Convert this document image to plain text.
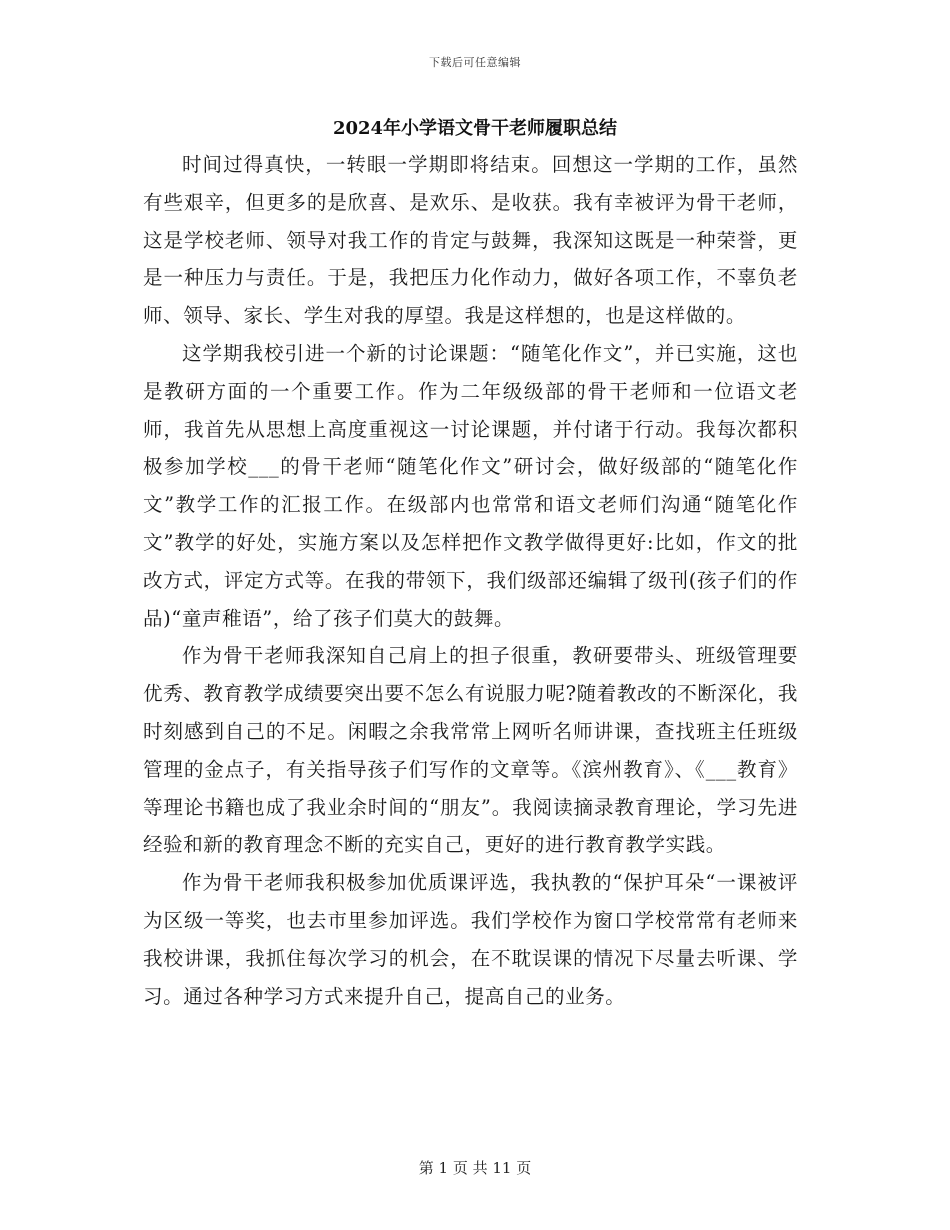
下载后可任意编辑
2024年小学语文骨干老师履职总结

时间过得真快，一转眼一学期即将结束。回想这一学期的工作，虽然有些艰辛，但更多的是欣喜、是欢乐、是收获。我有幸被评为骨干老师，这是学校老师、领导对我工作的肯定与鼓舞，我深知这既是一种荣誉，更是一种压力与责任。于是，我把压力化作动力，做好各项工作，不辜负老师、领导、家长、学生对我的厚望。我是这样想的，也是这样做的。

这学期我校引进一个新的讨论课题：“随笔化作文”，并已实施，这也是教研方面的一个重要工作。作为二年级级部的骨干老师和一位语文老师，我首先从思想上高度重视这一讨论课题，并付诸于行动。我每次都积极参加学校___的骨干老师“随笔化作文”研讨会，做好级部的“随笔化作文”教学工作的汇报工作。在级部内也常常和语文老师们沟通“随笔化作文”教学的好处，实施方案以及怎样把作文教学做得更好:比如，作文的批改方式，评定方式等。在我的带领下，我们级部还编辑了级刊(孩子们的作品)“童声稚语”，给了孩子们莫大的鼓舞。

作为骨干老师我深知自己肩上的担子很重，教研要带头、班级管理要优秀、教育教学成绩要突出要不怎么有说服力呢?随着教改的不断深化，我时刻感到自己的不足。闲暇之余我常常上网听名师讲课，查找班主任班级管理的金点子，有关指导孩子们写作的文章等。《滨州教育》、《___教育》等理论书籍也成了我业余时间的“朋友”。我阅读摘录教育理论，学习先进经验和新的教育理念不断的充实自己，更好的进行教育教学实践。

作为骨干老师我积极参加优质课评选，我执教的“保护耳朵“一课被评为区级一等奖，也去市里参加评选。我们学校作为窗口学校常常有老师来我校讲课，我抓住每次学习的机会，在不耽误课的情况下尽量去听课、学习。通过各种学习方式来提升自己，提高自己的业务。

第 1 页 共 11 页
